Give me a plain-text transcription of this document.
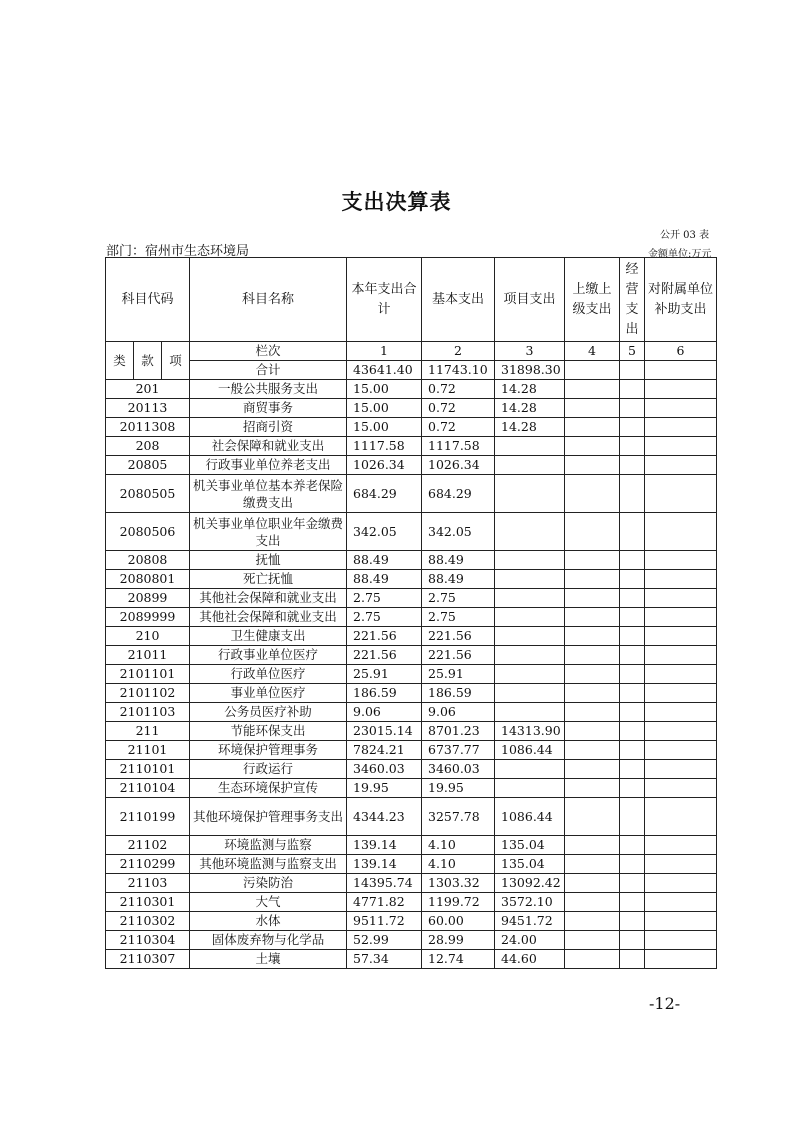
支出决算表
公开 03 表
部门：宿州市生态环境局	金额单位:万元
科目代码			科目名称	本年支出合计	基本支出	项目支出	上缴上级支出	经营支出	对附属单位补助支出
类	款	项	栏次	1	2	3	4	5	6
			合计	43641.40	11743.10	31898.30			
201			一般公共服务支出	15.00	0.72	14.28			
20113			商贸事务	15.00	0.72	14.28			
2011308			招商引资	15.00	0.72	14.28			
208			社会保障和就业支出	1117.58	1117.58				
20805			行政事业单位养老支出	1026.34	1026.34				
2080505			机关事业单位基本养老保险缴费支出	684.29	684.29				
2080506			机关事业单位职业年金缴费支出	342.05	342.05				
20808			抚恤	88.49	88.49				
2080801			死亡抚恤	88.49	88.49				
20899			其他社会保障和就业支出	2.75	2.75				
2089999			其他社会保障和就业支出	2.75	2.75				
210			卫生健康支出	221.56	221.56				
21011			行政事业单位医疗	221.56	221.56				
2101101			行政单位医疗	25.91	25.91				
2101102			事业单位医疗	186.59	186.59				
2101103			公务员医疗补助	9.06	9.06				
211			节能环保支出	23015.14	8701.23	14313.90			
21101			环境保护管理事务	7824.21	6737.77	1086.44			
2110101			行政运行	3460.03	3460.03				
2110104			生态环境保护宣传	19.95	19.95				
2110199			其他环境保护管理事务支出	4344.23	3257.78	1086.44			
21102			环境监测与监察	139.14	4.10	135.04			
2110299			其他环境监测与监察支出	139.14	4.10	135.04			
21103			污染防治	14395.74	1303.32	13092.42			
2110301			大气	4771.82	1199.72	3572.10			
2110302			水体	9511.72	60.00	9451.72			
2110304			固体废弃物与化学品	52.99	28.99	24.00			
2110307			土壤	57.34	12.74	44.60			
-12-
